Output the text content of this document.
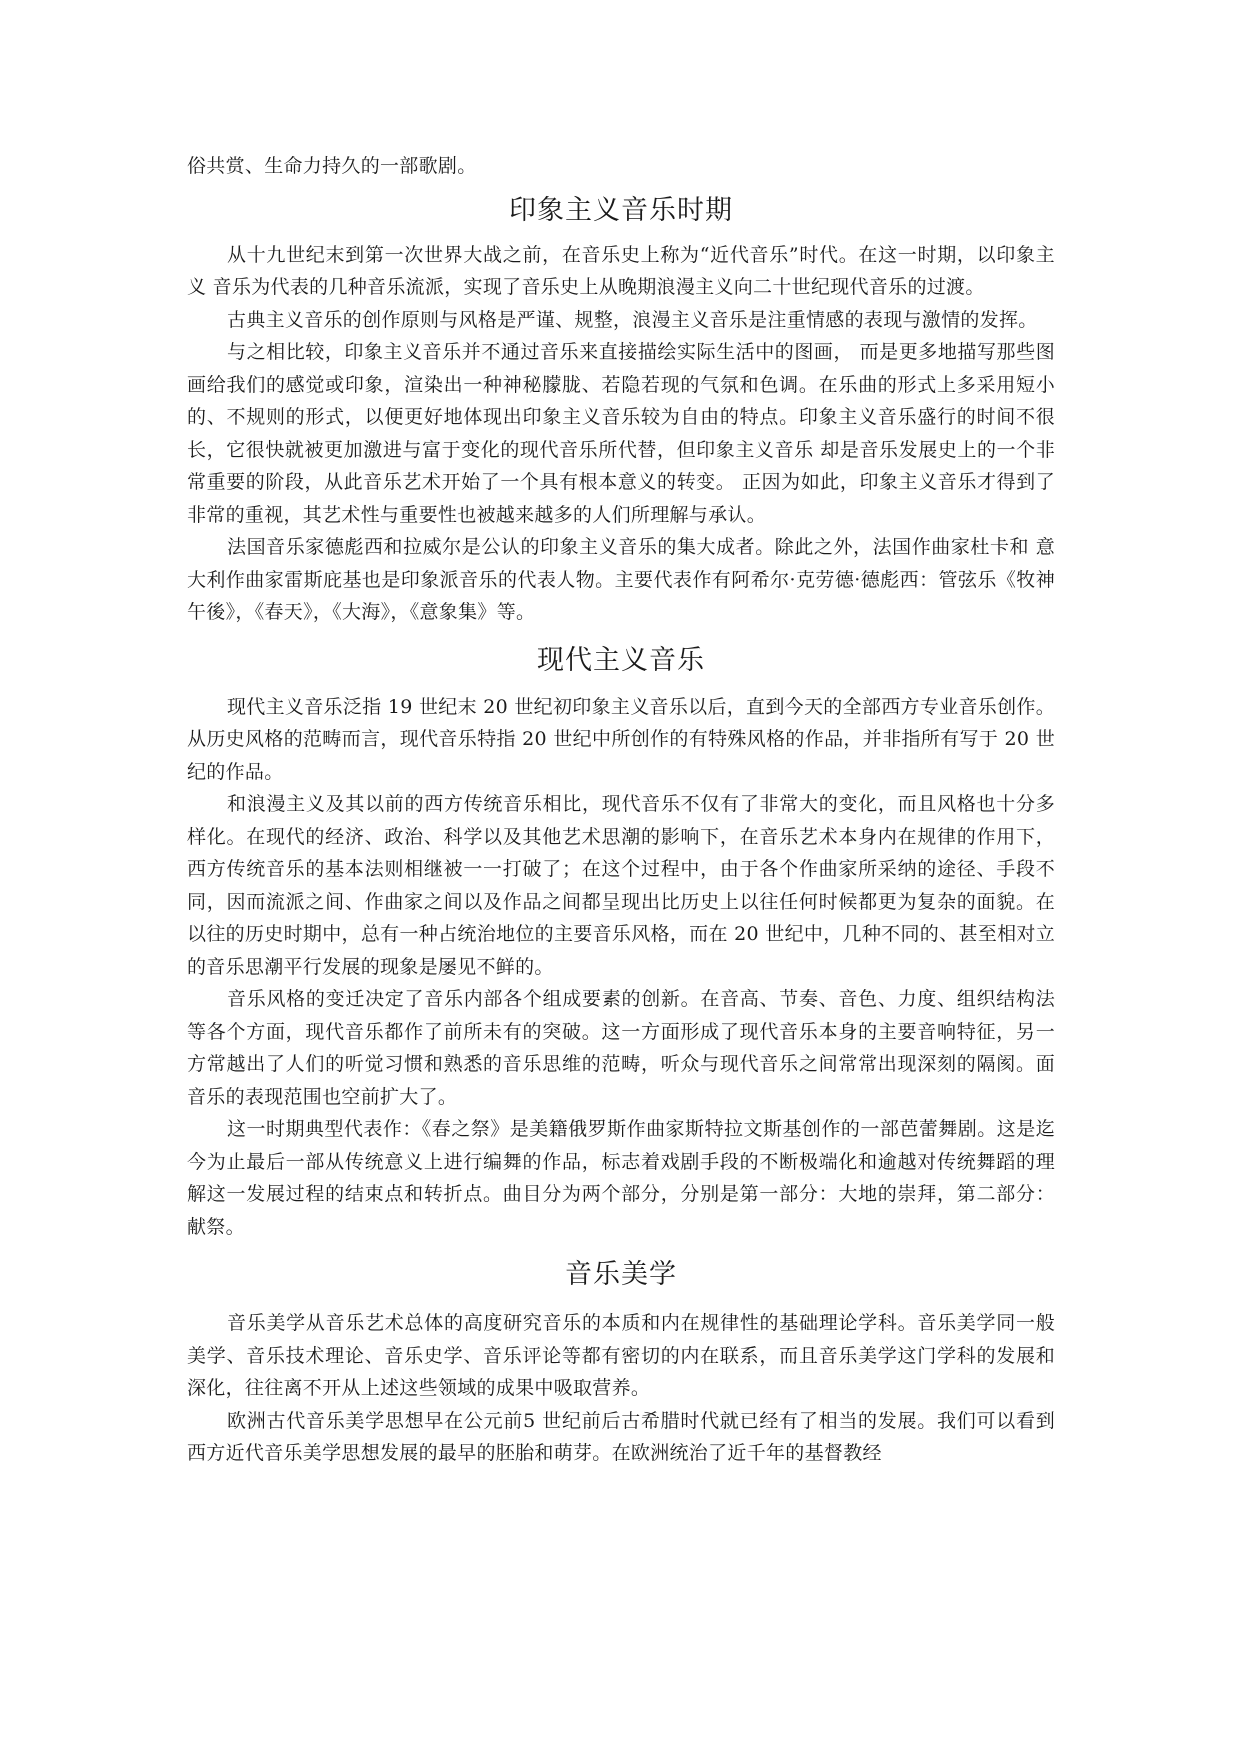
俗共赏、生命力持久的一部歌剧。

印象主义音乐时期

从十九世纪末到第一次世界大战之前，在音乐史上称为“近代音乐”时代。在这一时期，以印象主义 音乐为代表的几种音乐流派，实现了音乐史上从晚期浪漫主义向二十世纪现代音乐的过渡。

古典主义音乐的创作原则与风格是严谨、规整，浪漫主义音乐是注重情感的表现与激情的发挥。

与之相比较，印象主义音乐并不通过音乐来直接描绘实际生活中的图画， 而是更多地描写那些图画给我们的感觉或印象，渲染出一种神秘朦胧、若隐若现的气氛和色调。在乐曲的形式上多采用短小的、不规则的形式，以便更好地体现出印象主义音乐较为自由的特点。印象主义音乐盛行的时间不很长，它很快就被更加激进与富于变化的现代音乐所代替，但印象主义音乐 却是音乐发展史上的一个非常重要的阶段，从此音乐艺术开始了一个具有根本意义的转变。 正因为如此，印象主义音乐才得到了非常的重视，其艺术性与重要性也被越来越多的人们所理解与承认。

法国音乐家德彪西和拉威尔是公认的印象主义音乐的集大成者。除此之外，法国作曲家杜卡和 意大利作曲家雷斯庇基也是印象派音乐的代表人物。主要代表作有阿希尔·克劳德·德彪西：管弦乐《牧神午後》，《春天》，《大海》，《意象集》等。

现代主义音乐

现代主义音乐泛指 19 世纪末 20 世纪初印象主义音乐以后，直到今天的全部西方专业音乐创作。从历史风格的范畴而言，现代音乐特指 20 世纪中所创作的有特殊风格的作品，并非指所有写于 20 世纪的作品。

和浪漫主义及其以前的西方传统音乐相比，现代音乐不仅有了非常大的变化，而且风格也十分多样化。在现代的经济、政治、科学以及其他艺术思潮的影响下，在音乐艺术本身内在规律的作用下，西方传统音乐的基本法则相继被一一打破了；在这个过程中，由于各个作曲家所采纳的途径、手段不同，因而流派之间、作曲家之间以及作品之间都呈现出比历史上以往任何时候都更为复杂的面貌。在以往的历史时期中，总有一种占统治地位的主要音乐风格，而在 20 世纪中，几种不同的、甚至相对立的音乐思潮平行发展的现象是屡见不鲜的。

音乐风格的变迁决定了音乐内部各个组成要素的创新。在音高、节奏、音色、力度、组织结构法等各个方面，现代音乐都作了前所未有的突破。这一方面形成了现代音乐本身的主要音响特征，另一方常越出了人们的听觉习惯和熟悉的音乐思维的范畴，听众与现代音乐之间常常出现深刻的隔阂。面音乐的表现范围也空前扩大了。

这一时期典型代表作：《春之祭》是美籍俄罗斯作曲家斯特拉文斯基创作的一部芭蕾舞剧。这是迄今为止最后一部从传统意义上进行编舞的作品，标志着戏剧手段的不断极端化和逾越对传统舞蹈的理解这一发展过程的结束点和转折点。曲目分为两个部分，分别是第一部分：大地的崇拜，第二部分：献祭。

音乐美学

音乐美学从音乐艺术总体的高度研究音乐的本质和内在规律性的基础理论学科。音乐美学同一般美学、音乐技术理论、音乐史学、音乐评论等都有密切的内在联系，而且音乐美学这门学科的发展和深化，往往离不开从上述这些领域的成果中吸取营养。

欧洲古代音乐美学思想早在公元前5 世纪前后古希腊时代就已经有了相当的发展。我们可以看到西方近代音乐美学思想发展的最早的胚胎和萌芽。在欧洲统治了近千年的基督教经
